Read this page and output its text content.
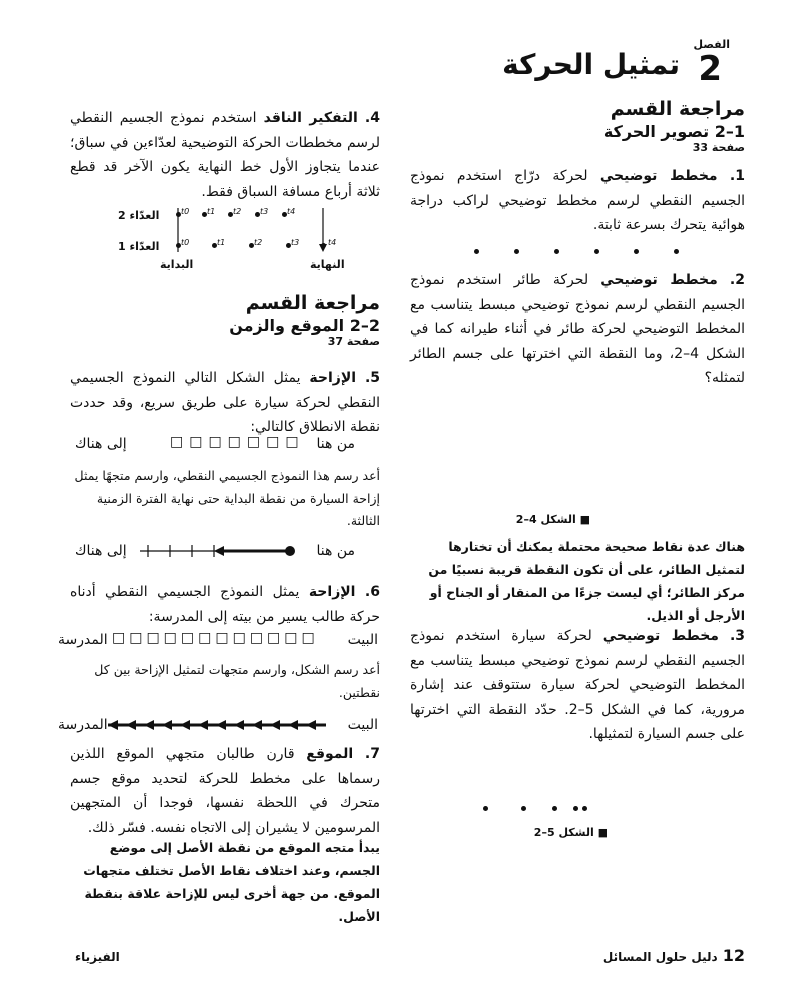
الفصل
2
تمثيل الحركة
مراجعة القسم
1–2 تصوير الحركة
صفحة 33
1. مخطط توضيحي لحركة درّاج استخدم نموذج الجسيم النقطي لرسم مخطط توضيحي لراكب دراجة هوائية يتحرك بسرعة ثابتة.
2. مخطط توضيحي لحركة طائر استخدم نموذج الجسيم النقطي لرسم نموذج توضيحي مبسط يتناسب مع المخطط التوضيحي لحركة طائر في أثناء طيرانه كما في الشكل 4–2، وما النقطة التي اخترتها على جسم الطائر لتمثله؟
■ الشكل 4–2
هناك عدة نقاط صحيحة محتملة يمكنك أن تختارها لتمثيل الطائر، على أن تكون النقطة قريبة نسبيًا من مركز الطائر؛ أي ليست جزءًا من المنقار أو الجناح أو الأرجل أو الذيل.
3. مخطط توضيحي لحركة سيارة استخدم نموذج الجسيم النقطي لرسم نموذج توضيحي مبسط يتناسب مع المخطط التوضيحي لحركة سيارة ستتوقف عند إشارة مرورية، كما في الشكل 5–2. حدّد النقطة التي اخترتها على جسم السيارة لتمثيلها.
■ الشكل 5–2
4. التفكير الناقد استخدم نموذج الجسيم النقطي لرسم مخططات الحركة التوضيحية لعدّاءين في سباق؛ عندما يتجاوز الأول خط النهاية يكون الآخر قد قطع ثلاثة أرباع مسافة السباق فقط.
العدّاء 2
العدّاء 1
البداية	النهاية
t0 t1 t2 t3 t4
t0	t1	t2	t3	t4
مراجعة القسم
2–2 الموقع والزمن
صفحة 37
5. الإزاحة يمثل الشكل التالي النموذج الجسيمي النقطي لحركة سيارة على طريق سريع، وقد حددت نقطة الانطلاق كالتالي:
من هنا
□□□□□□□
إلى هناك
أعد رسم هذا النموذج الجسيمي النقطي، وارسم متجهًا يمثل إزاحة السيارة من نقطة البداية حتى نهاية الفترة الزمنية الثالثة.
من هنا
إلى هناك
6. الإزاحة يمثل النموذج الجسيمي النقطي أدناه حركة طالب يسير من بيته إلى المدرسة:
البيت
□□□□□□□□□□□□
المدرسة
أعد رسم الشكل، وارسم متجهات لتمثيل الإزاحة بين كل نقطتين.
البيت
المدرسة
7. الموقع قارن طالبان متجهي الموقع اللذين رسماها على مخطط للحركة لتحديد موقع جسم متحرك في اللحظة نفسها، فوجدا أن المتجهين المرسومين لا يشيران إلى الاتجاه نفسه. فسّر ذلك.
يبدأ متجه الموقع من نقطة الأصل إلى موضع الجسم، وعند اختلاف نقاط الأصل تختلف متجهات الموقع. من جهة أخرى ليس للإزاحة علاقة بنقطة الأصل.
12 دليل حلول المسائل
الفيزياء
